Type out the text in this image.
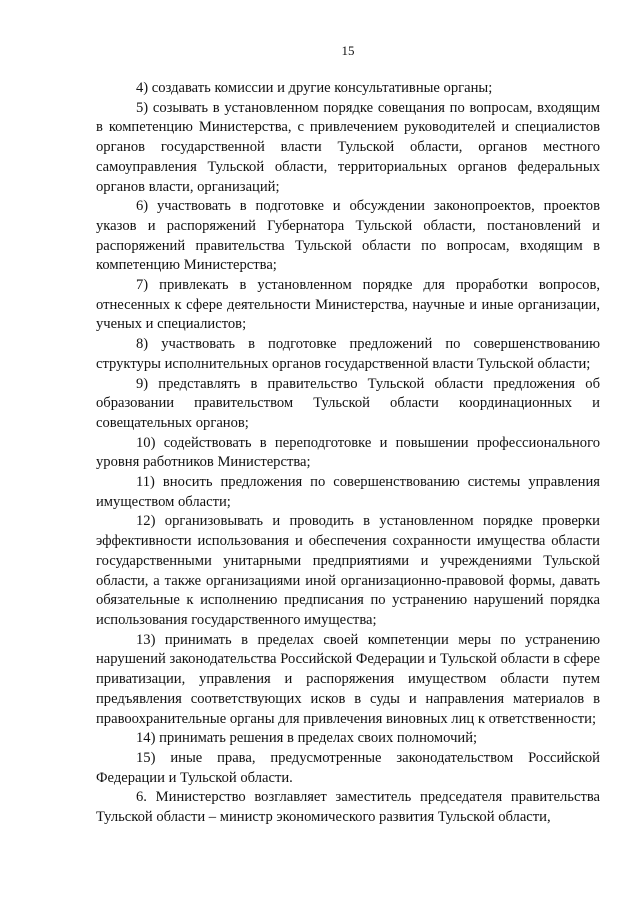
15

4) создавать комиссии и другие консультативные органы;

5) созывать в установленном порядке совещания по вопросам, входящим в компетенцию Министерства, с привлечением руководителей и специалистов органов государственной власти Тульской области, органов местного самоуправления Тульской области, территориальных органов федеральных органов власти, организаций;

6) участвовать в подготовке и обсуждении законопроектов, проектов указов и распоряжений Губернатора Тульской области, постановлений и распоряжений правительства Тульской области по вопросам, входящим в компетенцию Министерства;

7) привлекать в установленном порядке для проработки вопросов, отнесенных к сфере деятельности Министерства, научные и иные организации, ученых и специалистов;

8) участвовать в подготовке предложений по совершенствованию структуры исполнительных органов государственной власти Тульской области;

9) представлять в правительство Тульской области предложения об образовании правительством Тульской области координационных и совещательных органов;

10) содействовать в переподготовке и повышении профессионального уровня работников Министерства;

11) вносить предложения по совершенствованию системы управления имуществом области;

12) организовывать и проводить в установленном порядке проверки эффективности использования и обеспечения сохранности имущества области государственными унитарными предприятиями и учреждениями Тульской области, а также организациями иной организационно-правовой формы, давать обязательные к исполнению предписания по устранению нарушений порядка использования государственного имущества;

13) принимать в пределах своей компетенции меры по устранению нарушений законодательства Российской Федерации и Тульской области в сфере приватизации, управления и распоряжения имуществом области путем предъявления соответствующих исков в суды и направления материалов в правоохранительные органы для привлечения виновных лиц к ответственности;

14) принимать решения в пределах своих полномочий;

15) иные права, предусмотренные законодательством Российской Федерации и Тульской области.

6. Министерство возглавляет заместитель председателя правительства Тульской области – министр экономического развития Тульской области,
